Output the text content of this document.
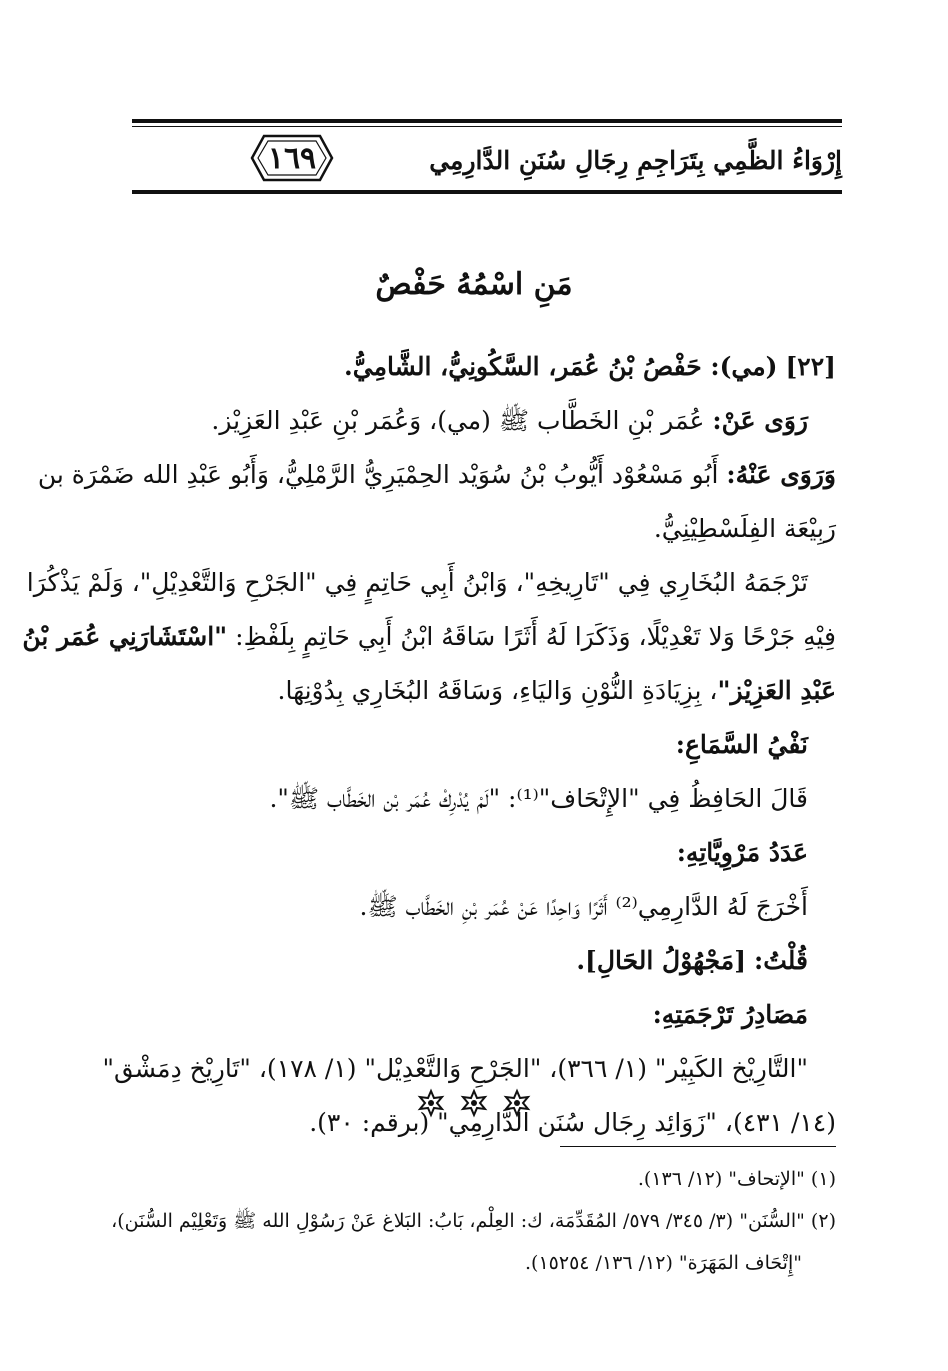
١٦٩	إِرْوَاءُ الظَّمِي بِتَرَاجِمِ رِجَالِ سُنَنِ الدَّارِمِي
مَنِ اسْمُهُ حَفْصٌ

[٢٢] (مي): حَفْصُ بْنُ عُمَر، السَّكُونِيُّ، الشَّامِيُّ.

رَوَى عَنْ: عُمَر بْنِ الخَطَّاب ﷺ (مي)، وَعُمَر بْنِ عَبْدِ العَزِيْز.

وَرَوَى عَنْهُ: أَبُو مَسْعُوْد أَيُّوبُ بْنُ سُوَيْد الحِمْيَرِيُّ الرَّمْلِيُّ، وَأَبُو عَبْدِ الله ضَمْرَة بن

رَبِيْعَة الفِلَسْطِيْنِيُّ.

تَرْجَمَهُ البُخَارِي فِي "تَارِيخِهِ"، وَابْنُ أَبِي حَاتِمٍ فِي "الجَرْحِ وَالتَّعْدِيْلِ"، وَلَمْ يَذْكُرَا

فِيْهِ جَرْحًا وَلا تَعْدِيْلًا، وَذَكَرَا لَهُ أَثَرًا سَاقَهُ ابْنُ أَبِي حَاتِمٍ بِلَفْظِ: "اسْتَشَارَنِي عُمَر بْنُ

عَبْدِ العَزِيْز"، بِزِيَادَةِ النُّوْنِ وَاليَاءِ، وَسَاقَهُ البُخَارِي بِدُوْنِهَا.

نَفْيُ السَّمَاعِ:

قَالَ الحَافِظُ فِي "الإِتْحَاف"⁽¹⁾: "لَمْ يُدْرِكْ عُمَر بْن الخَطَّاب ﷺ".

عَدَدُ مَرْوِيَّاتِهِ:

أَخْرَجَ لَهُ الدَّارِمِي⁽²⁾ أَثَرًا وَاحِدًا عَنْ عُمَر بْنِ الخَطَّاب ﷺ.

قُلْتُ: [مَجْهُوْلُ الحَالِ].

مَصَادِرُ تَرْجَمَتِهِ:

"التَّارِيْخ الكَبِيْر" (١/ ٣٦٦)، "الجَرْحِ وَالتَّعْدِيْل" (١/ ١٧٨)، "تَارِيْخ دِمَشْق"

(١٤/ ٤٣١)، "زَوَائِد رِجَال سُنَن الدَّارِمِي" (برقم: ٣٠).

(١) "الإتحاف" (١٢/ ١٣٦).

(٢) "السُّنَن" (٣/ ٣٤٥/ ٥٧٩/ المُقَدِّمَة، ك: العِلْم، بَابُ: البَلاغ عَنْ رَسُوْلِ الله ﷺ وَتَعْلِيْم السُّنَن)،

"إِتْحَاف المَهَرَة" (١٢/ ١٣٦/ ١٥٢٥٤).
